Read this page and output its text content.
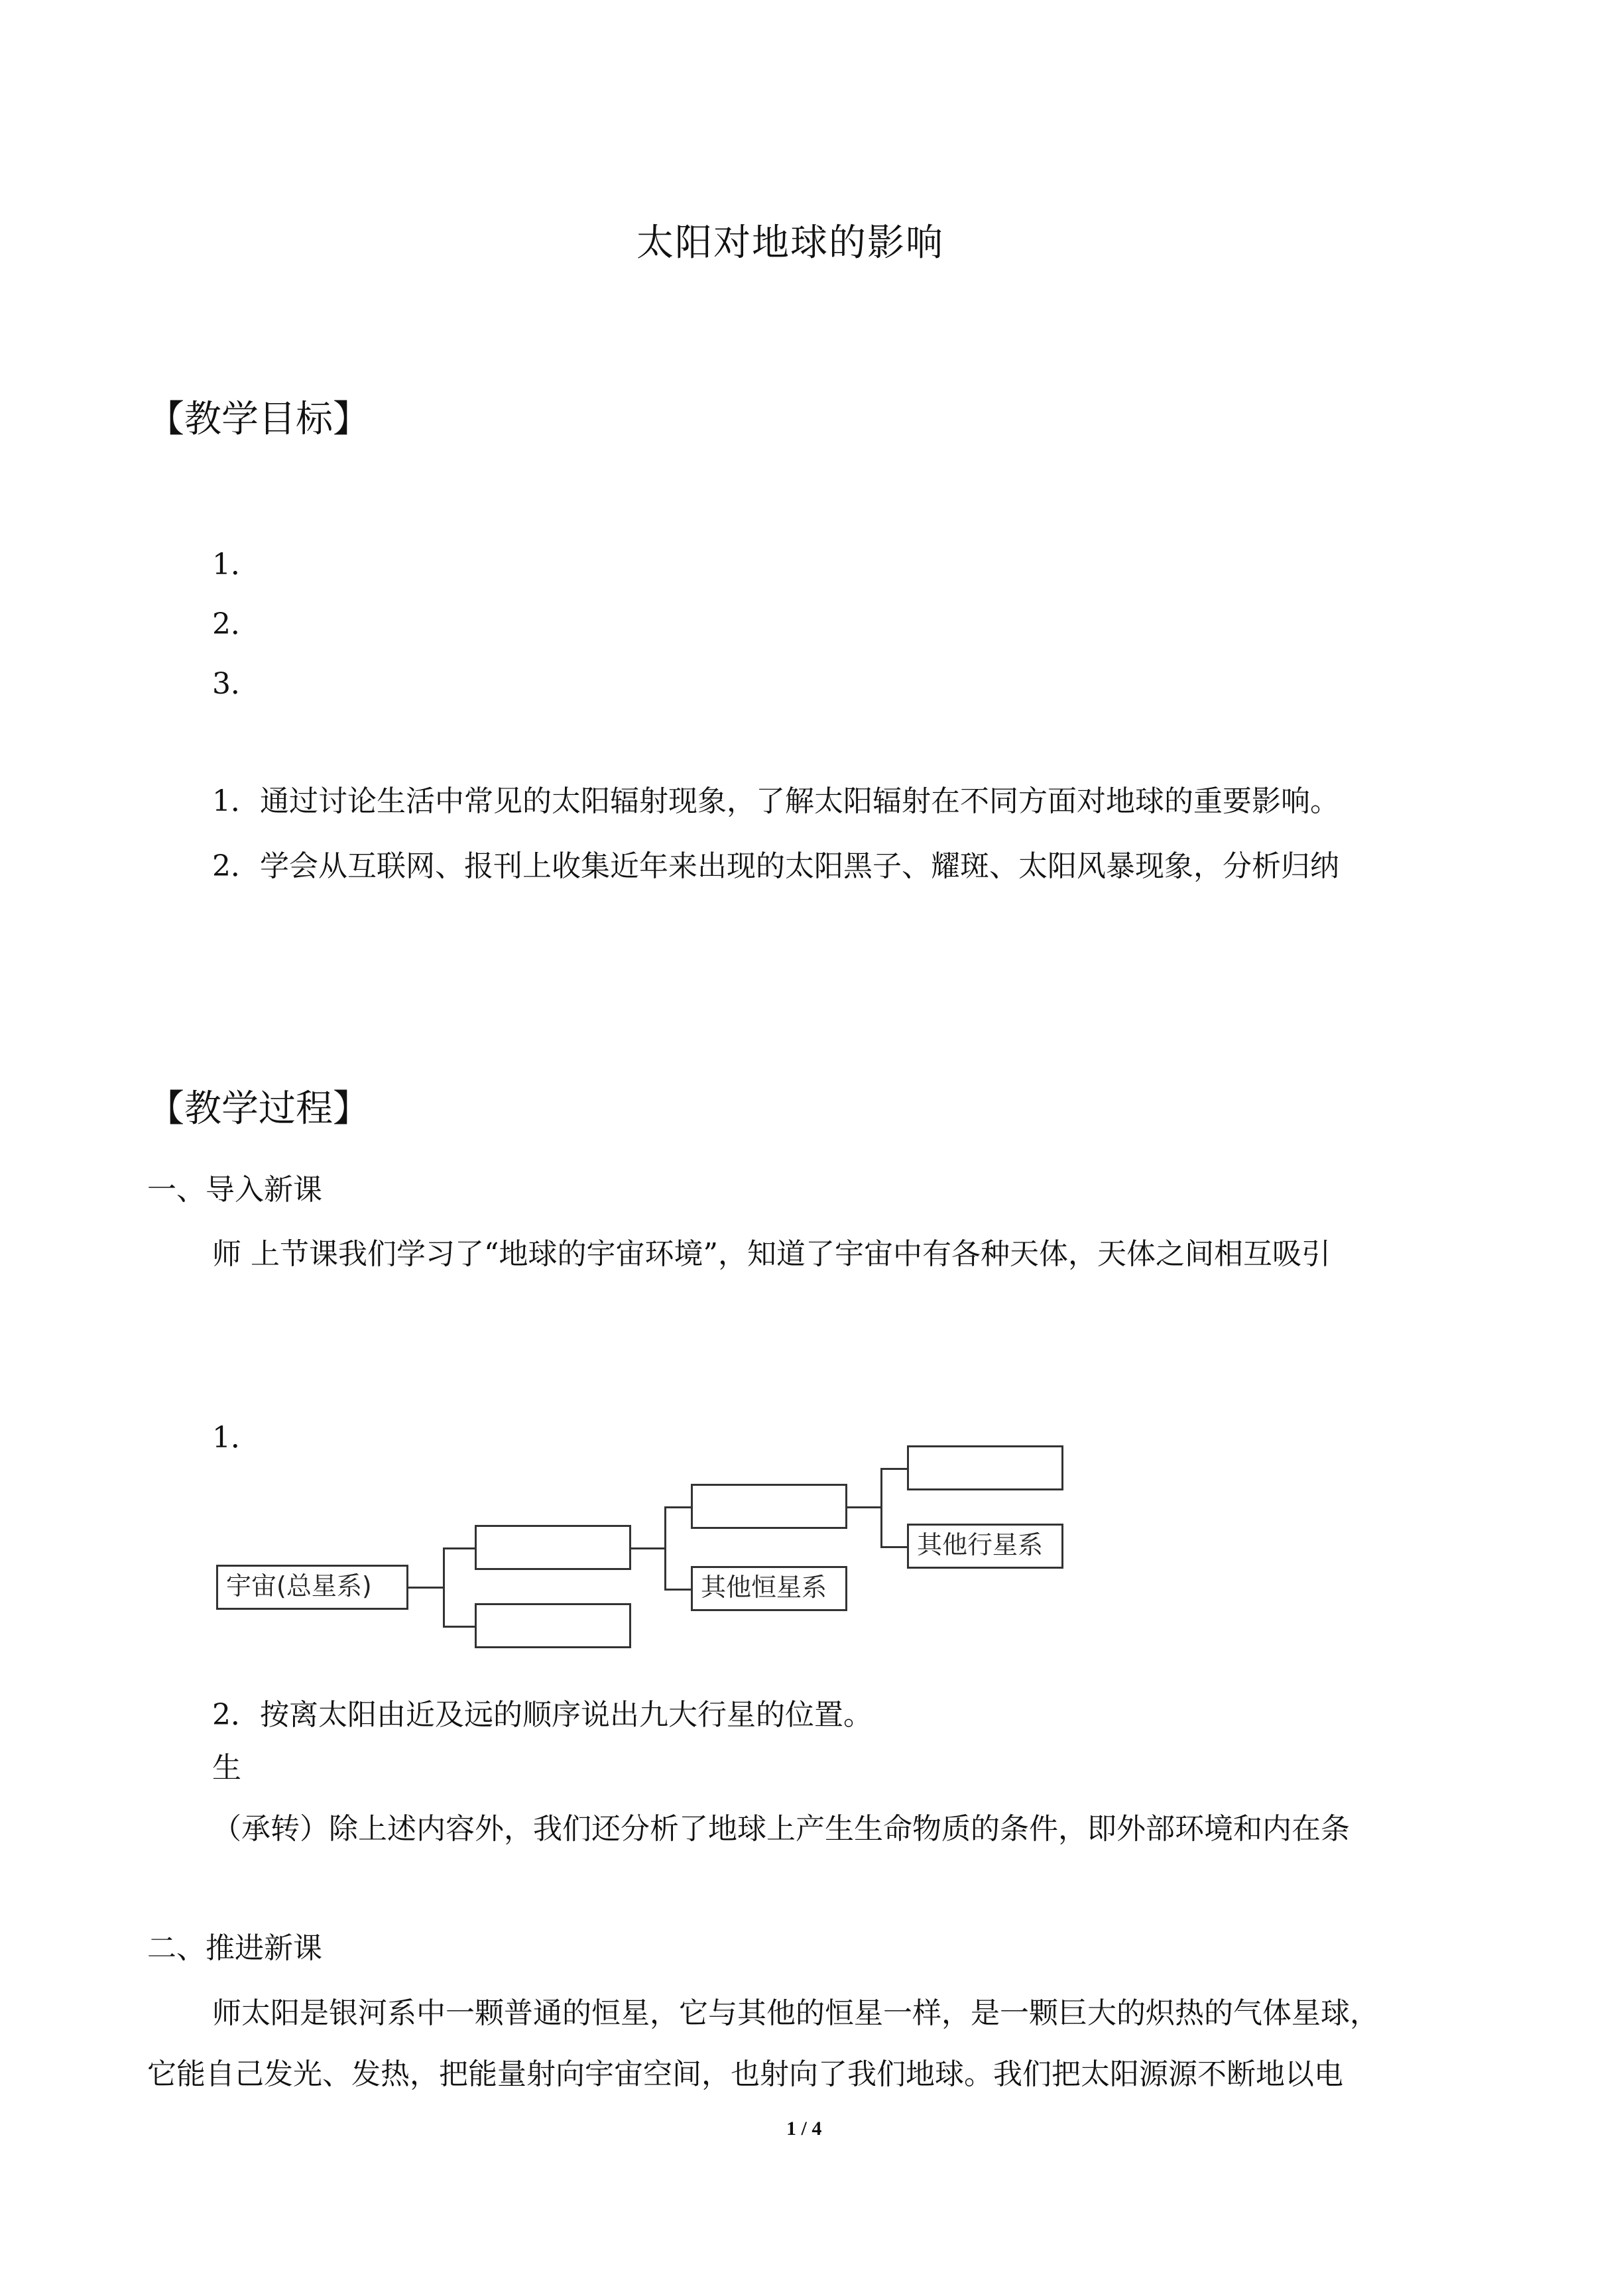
太阳对地球的影响
【教学目标】
1．
2．
3．
1．通过讨论生活中常见的太阳辐射现象，了解太阳辐射在不同方面对地球的重要影响。
2．学会从互联网、报刊上收集近年来出现的太阳黑子、耀斑、太阳风暴现象，分析归纳
【教学过程】
一、导入新课
师 上节课我们学习了“地球的宇宙环境”，知道了宇宙中有各种天体，天体之间相互吸引
1．
宇宙(总星系)	其他恒星系
其他行星系
2．按离太阳由近及远的顺序说出九大行星的位置。
生
（承转）除上述内容外，我们还分析了地球上产生生命物质的条件，即外部环境和内在条
二、推进新课
师太阳是银河系中一颗普通的恒星，它与其他的恒星一样，是一颗巨大的炽热的气体星球，
它能自己发光、发热，把能量射向宇宙空间，也射向了我们地球。我们把太阳源源不断地以电
1 / 4
